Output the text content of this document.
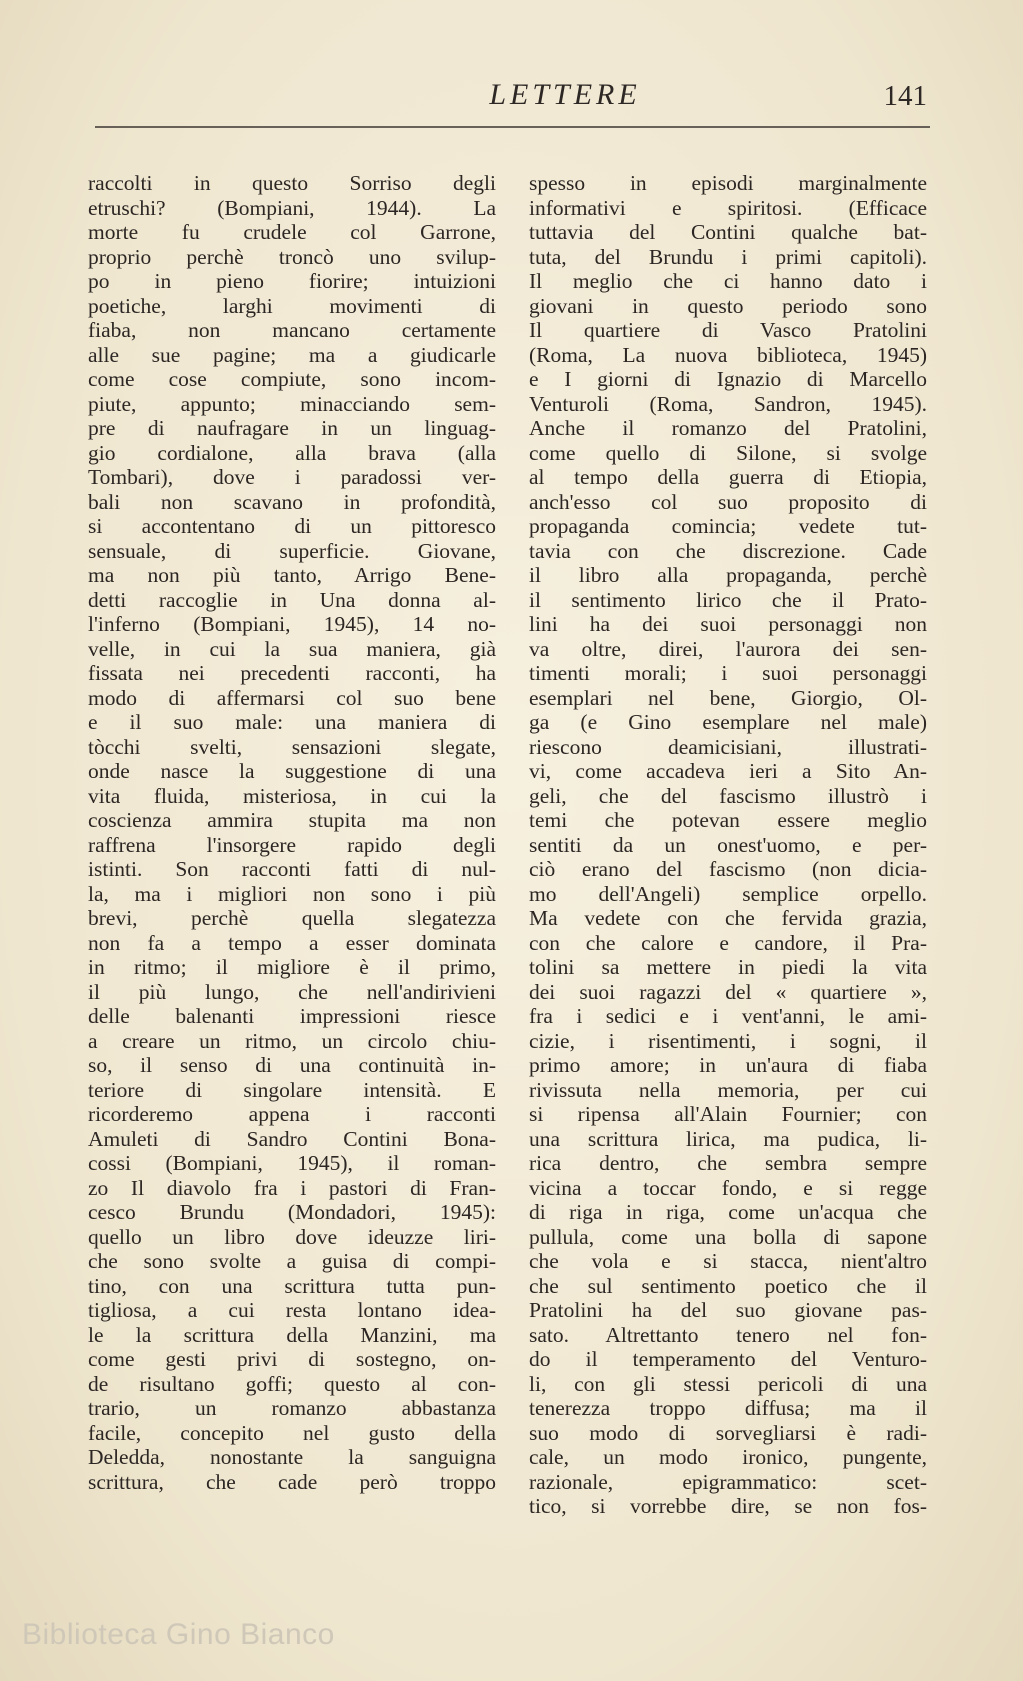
LETTERE	141
raccolti in questo Sorriso degli
etruschi? (Bompiani, 1944). La
morte fu crudele col Garrone,
proprio perchè troncò uno svilup-
po in pieno fiorire; intuizioni
poetiche, larghi movimenti di
fiaba, non mancano certamente
alle sue pagine; ma a giudicarle
come cose compiute, sono incom-
piute, appunto; minacciando sem-
pre di naufragare in un linguag-
gio cordialone, alla brava (alla
Tombari), dove i paradossi ver-
bali non scavano in profondità,
si accontentano di un pittoresco
sensuale, di superficie. Giovane,
ma non più tanto, Arrigo Bene-
detti raccoglie in Una donna al-
l'inferno (Bompiani, 1945), 14 no-
velle, in cui la sua maniera, già
fissata nei precedenti racconti, ha
modo di affermarsi col suo bene
e il suo male: una maniera di
tòcchi svelti, sensazioni slegate,
onde nasce la suggestione di una
vita fluida, misteriosa, in cui la
coscienza ammira stupita ma non
raffrena l'insorgere rapido degli
istinti. Son racconti fatti di nul-
la, ma i migliori non sono i più
brevi, perchè quella slegatezza
non fa a tempo a esser dominata
in ritmo; il migliore è il primo,
il più lungo, che nell'andirivieni
delle balenanti impressioni riesce
a creare un ritmo, un circolo chiu-
so, il senso di una continuità in-
teriore di singolare intensità. E
ricorderemo appena i racconti
Amuleti di Sandro Contini Bona-
cossi (Bompiani, 1945), il roman-
zo Il diavolo fra i pastori di Fran-
cesco Brundu (Mondadori, 1945):
quello un libro dove ideuzze liri-
che sono svolte a guisa di compi-
tino, con una scrittura tutta pun-
tigliosa, a cui resta lontano idea-
le la scrittura della Manzini, ma
come gesti privi di sostegno, on-
de risultano goffi; questo al con-
trario, un romanzo abbastanza
facile, concepito nel gusto della
Deledda, nonostante la sanguigna
scrittura, che cade però troppo
spesso in episodi marginalmente
informativi e spiritosi. (Efficace
tuttavia del Contini qualche bat-
tuta, del Brundu i primi capitoli).
Il meglio che ci hanno dato i
giovani in questo periodo sono
Il quartiere di Vasco Pratolini
(Roma, La nuova biblioteca, 1945)
e I giorni di Ignazio di Marcello
Venturoli (Roma, Sandron, 1945).
Anche il romanzo del Pratolini,
come quello di Silone, si svolge
al tempo della guerra di Etiopia,
anch'esso col suo proposito di
propaganda comincia; vedete tut-
tavia con che discrezione. Cade
il libro alla propaganda, perchè
il sentimento lirico che il Prato-
lini ha dei suoi personaggi non
va oltre, direi, l'aurora dei sen-
timenti morali; i suoi personaggi
esemplari nel bene, Giorgio, Ol-
ga (e Gino esemplare nel male)
riescono deamicisiani, illustrati-
vi, come accadeva ieri a Sito An-
geli, che del fascismo illustrò i
temi che potevan essere meglio
sentiti da un onest'uomo, e per-
ciò erano del fascismo (non dicia-
mo dell'Angeli) semplice orpello.
Ma vedete con che fervida grazia,
con che calore e candore, il Pra-
tolini sa mettere in piedi la vita
dei suoi ragazzi del « quartiere »,
fra i sedici e i vent'anni, le ami-
cizie, i risentimenti, i sogni, il
primo amore; in un'aura di fiaba
rivissuta nella memoria, per cui
si ripensa all'Alain Fournier; con
una scrittura lirica, ma pudica, li-
rica dentro, che sembra sempre
vicina a toccar fondo, e si regge
di riga in riga, come un'acqua che
pullula, come una bolla di sapone
che vola e si stacca, nient'altro
che sul sentimento poetico che il
Pratolini ha del suo giovane pas-
sato. Altrettanto tenero nel fon-
do il temperamento del Venturo-
li, con gli stessi pericoli di una
tenerezza troppo diffusa; ma il
suo modo di sorvegliarsi è radi-
cale, un modo ironico, pungente,
razionale, epigrammatico: scet-
tico, si vorrebbe dire, se non fos-
Biblioteca Gino Bianco
